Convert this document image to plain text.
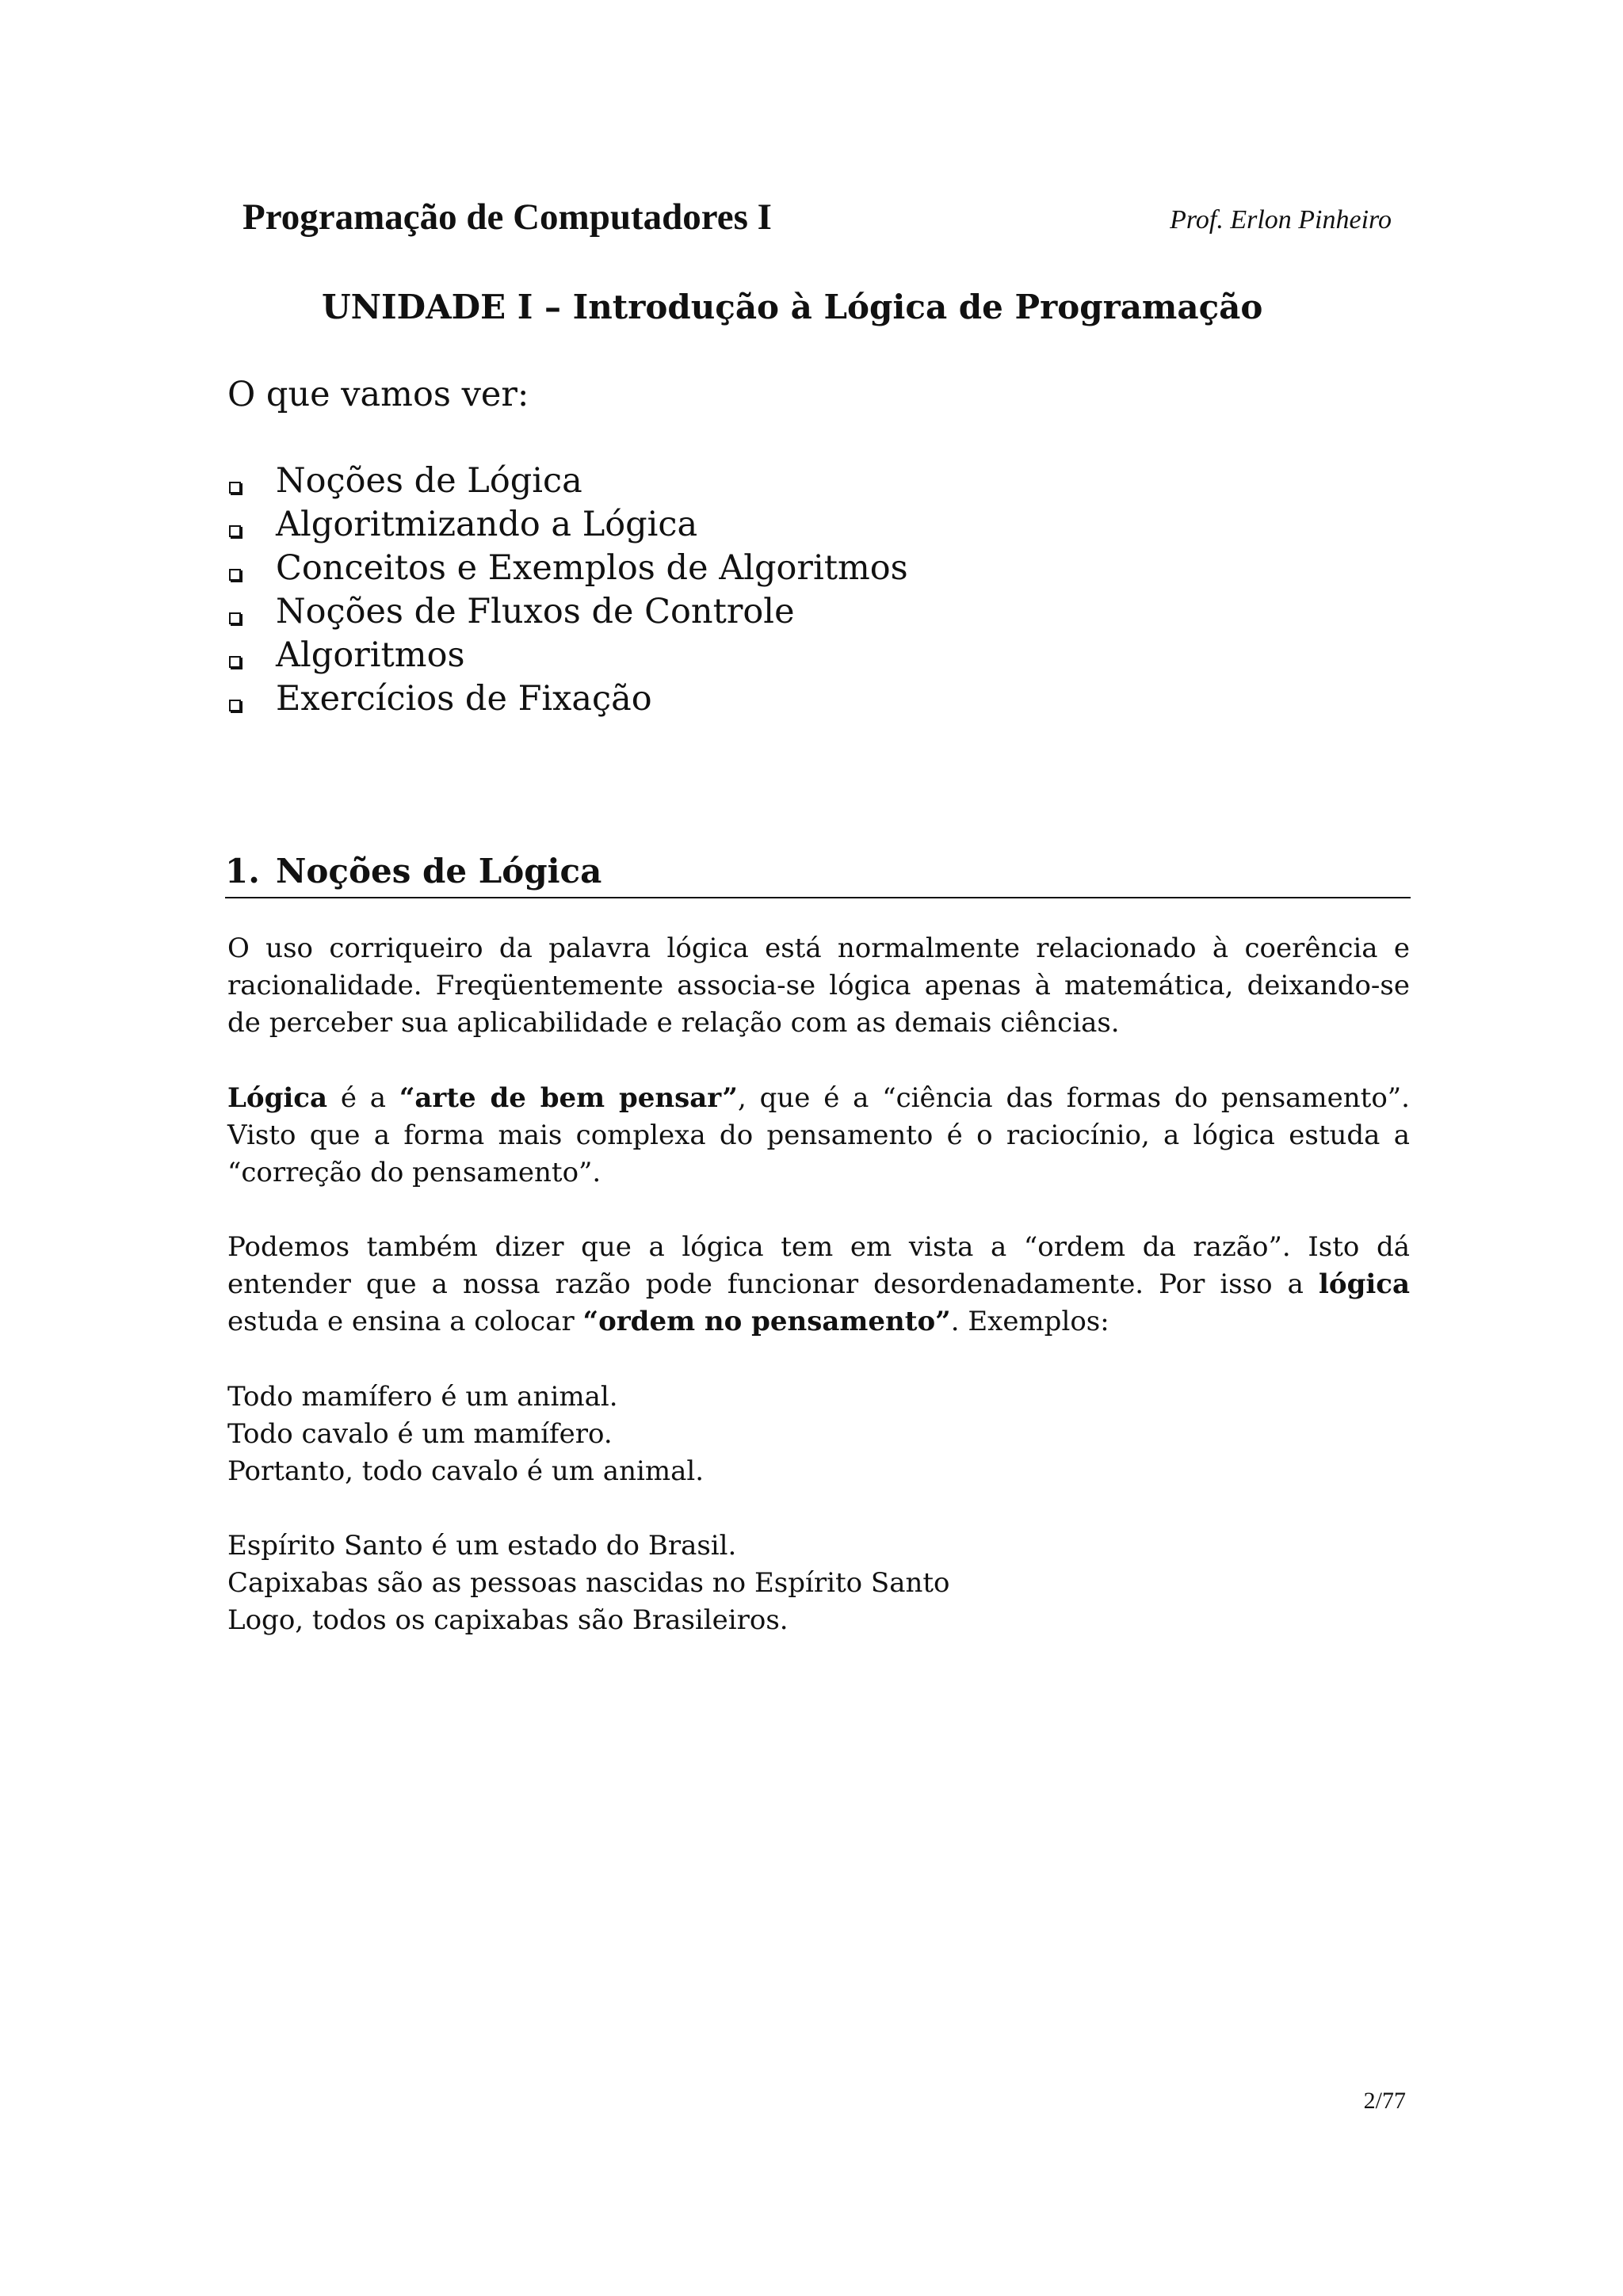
Programação de Computadores I	Prof. Erlon Pinheiro
UNIDADE I – Introdução à Lógica de Programação
O que vamos ver:
Noções de Lógica
Algoritmizando a Lógica
Conceitos e Exemplos de Algoritmos
Noções de Fluxos de Controle
Algoritmos
Exercícios de Fixação
1. Noções de Lógica

O uso corriqueiro da palavra lógica está normalmente relacionado à coerência e racionalidade. Freqüentemente associa-se lógica apenas à matemática, deixando-se de perceber sua aplicabilidade e relação com as demais ciências.

Lógica é a “arte de bem pensar”, que é a “ciência das formas do pensamento”. Visto que a forma mais complexa do pensamento é o raciocínio, a lógica estuda a “correção do pensamento”.

Podemos também dizer que a lógica tem em vista a “ordem da razão”. Isto dá entender que a nossa razão pode funcionar desordenadamente. Por isso a lógica estuda e ensina a colocar “ordem no pensamento”. Exemplos:

Todo mamífero é um animal.

Todo cavalo é um mamífero.

Portanto, todo cavalo é um animal.

Espírito Santo é um estado do Brasil.

Capixabas são as pessoas nascidas no Espírito Santo

Logo, todos os capixabas são Brasileiros.

2/77
